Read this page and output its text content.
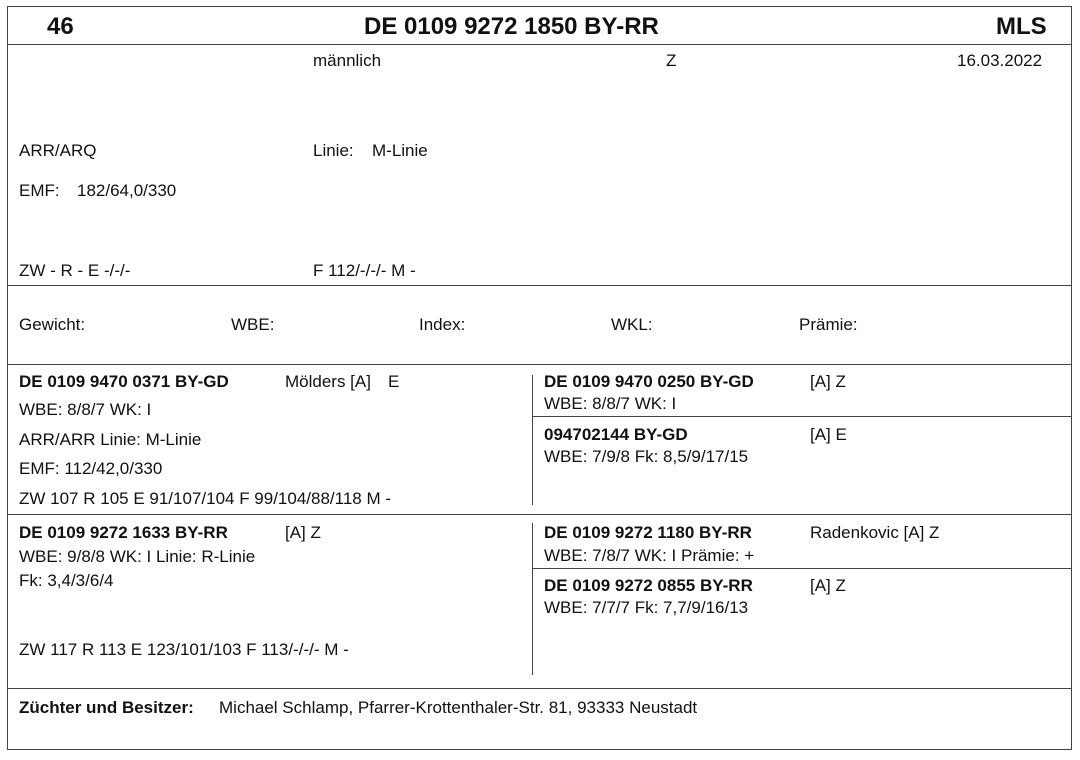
46	DE 0109 9272 1850 BY-RR	MLS
männlich	Z	16.03.2022
ARR/ARQ	Linie: M-Linie
EMF: 182/64,0/330
ZW - R - E -/-/-	F 112/-/-/- M -
Gewicht:	WBE:	Index:	WKL:	Prämie:
DE 0109 9470 0371 BY-GD	Mölders [A] E
WBE: 8/8/7 WK: I
ARR/ARR Linie: M-Linie
EMF: 112/42,0/330
ZW 107 R 105 E 91/107/104 F 99/104/88/118 M -
DE 0109 9470 0250 BY-GD	[A] Z
WBE: 8/8/7 WK: I
094702144 BY-GD	[A] E
WBE: 7/9/8 Fk: 8,5/9/17/15
DE 0109 9272 1633 BY-RR	[A] Z
WBE: 9/8/8 WK: I Linie: R-Linie
Fk: 3,4/3/6/4
ZW 117 R 113 E 123/101/103 F 113/-/-/- M -
DE 0109 9272 1180 BY-RR	Radenkovic [A] Z
WBE: 7/8/7 WK: I Prämie: +
DE 0109 9272 0855 BY-RR	[A] Z
WBE: 7/7/7 Fk: 7,7/9/16/13
Züchter und Besitzer: Michael Schlamp, Pfarrer-Krottenthaler-Str. 81, 93333 Neustadt
